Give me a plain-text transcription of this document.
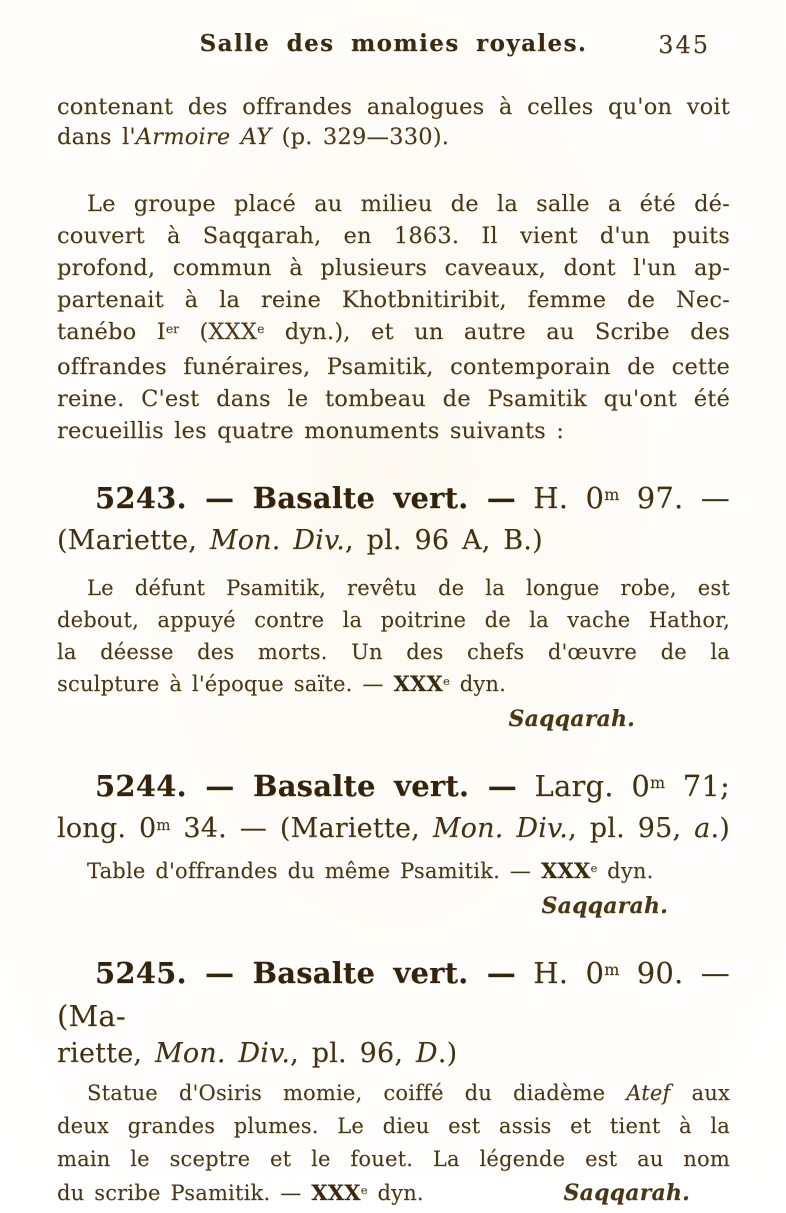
Salle des momies royales.	345
contenant des offrandes analogues à celles qu'on voit
dans l'Armoire AY (p. 329—330).
Le groupe placé au milieu de la salle a été dé-
couvert à Saqqarah, en 1863. Il vient d'un puits
profond, commun à plusieurs caveaux, dont l'un ap-
partenait à la reine Khotbnitiribit, femme de Nec-
tanébo Ier (XXXe dyn.), et un autre au Scribe des
offrandes funéraires, Psamitik, contemporain de cette
reine. C'est dans le tombeau de Psamitik qu'ont été
recueillis les quatre monuments suivants :
5243. — Basalte vert. — H. 0$^m$ 97. —
(Mariette, Mon. Div., pl. 96 A, B.)
Le défunt Psamitik, revêtu de la longue robe, est
debout, appuyé contre la poitrine de la vache Hathor,
la déesse des morts. Un des chefs d'œuvre de la
sculpture à l'époque saïte. — XXXe dyn.
Saqqarah.
5244. — Basalte vert. — Larg. 0$^m$ 71;
long. 0$^m$ 34. — (Mariette, Mon. Div., pl. 95, a.)
Table d'offrandes du même Psamitik. — XXXe dyn.
Saqqarah.
5245. — Basalte vert. — H. 0$^m$ 90. — (Ma-
riette, Mon. Div., pl. 96, D.)
Statue d'Osiris momie, coiffé du diadème Atef aux
deux grandes plumes. Le dieu est assis et tient à la
main le sceptre et le fouet. La légende est au nom
du scribe Psamitik. — XXXe dyn.	Saqqarah.
